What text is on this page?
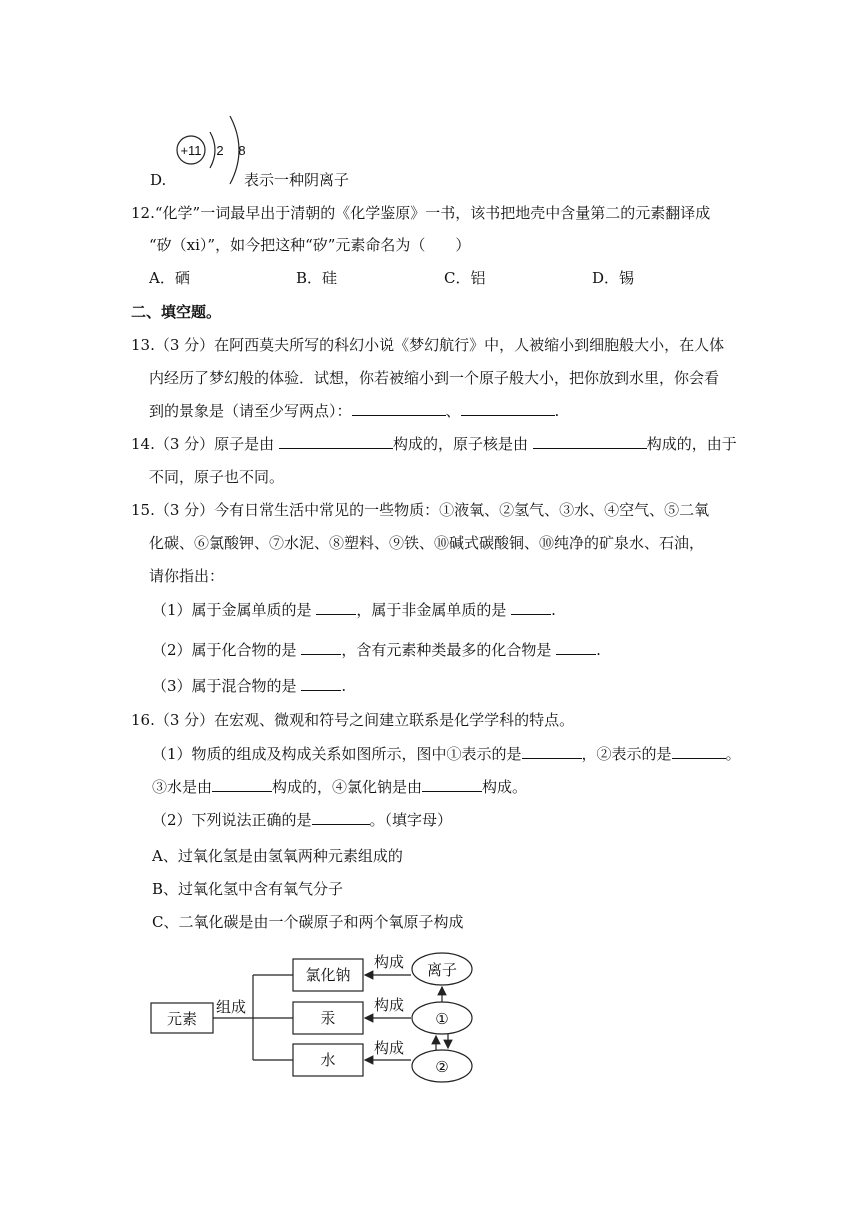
D.
+11 2 8
表示一种阴离子
12.“化学”一词最早出于清朝的《化学鉴原》一书，该书把地壳中含量第二的元素翻译成
“矽（xi）”，如今把这种“矽”元素命名为（　　）
A．硒	B．硅	C．铝	D．锡
二、填空题。
13.（3 分）在阿西莫夫所写的科幻小说《梦幻航行》中，人被缩小到细胞般大小，在人体
内经历了梦幻般的体验．试想，你若被缩小到一个原子般大小，把你放到水里，你会看
到的景象是（请至少写两点）：	、	.
14.（3 分）原子是由	构成的，原子核是由	构成的，由于
不同，原子也不同。
15.（3 分）今有日常生活中常见的一些物质：①液氧、②氢气、③水、④空气、⑤二氧
化碳、⑥氯酸钾、⑦水泥、⑧塑料、⑨铁、⑩碱式碳酸铜、⑩纯净的矿泉水、石油，
请你指出：
（1）属于金属单质的是	，属于非金属单质的是	.
（2）属于化合物的是	，含有元素种类最多的化合物是	.
（3）属于混合物的是	.
16.（3 分）在宏观、微观和符号之间建立联系是化学学科的特点。
（1）物质的组成及构成关系如图所示，图中①表示的是	，②表示的是	。
③水是由	构成的，④氯化钠是由	构成。
（2）下列说法正确的是	。（填字母）
A、过氧化氢是由氢氧两种元素组成的
B、过氧化氢中含有氧气分子
C、二氧化碳是由一个碳原子和两个氧原子构成
元素
组成
氯化钠
汞
水
构成
构成
构成
离子
①
②
